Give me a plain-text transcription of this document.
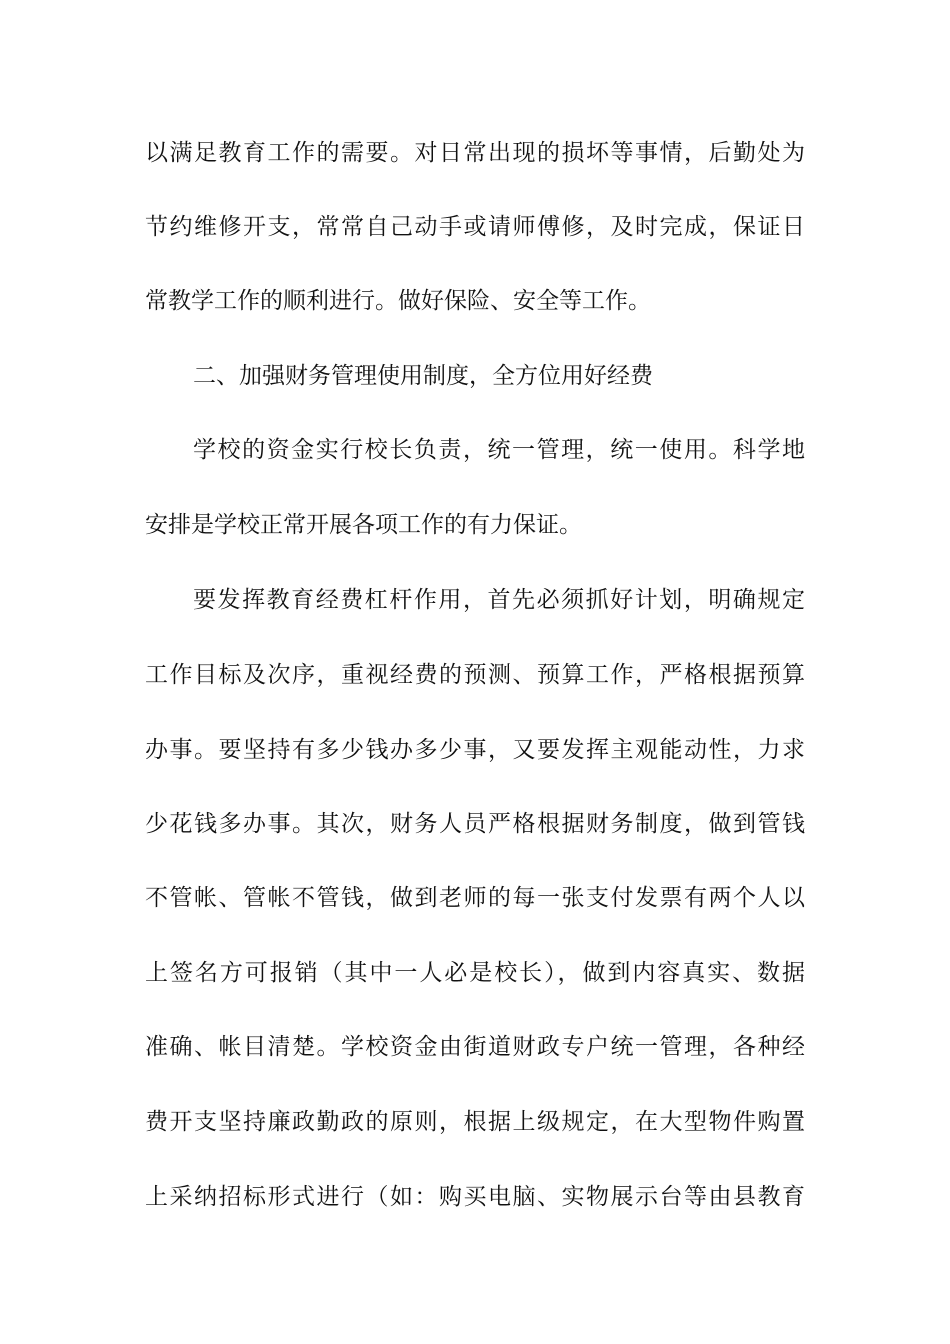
以满足教育工作的需要。对日常出现的损坏等事情，后勤处为
节约维修开支，常常自己动手或请师傅修，及时完成，保证日
常教学工作的顺利进行。做好保险、安全等工作。
二、加强财务管理使用制度，全方位用好经费
学校的资金实行校长负责，统一管理，统一使用。科学地
安排是学校正常开展各项工作的有力保证。
要发挥教育经费杠杆作用，首先必须抓好计划，明确规定
工作目标及次序，重视经费的预测、预算工作，严格根据预算
办事。要坚持有多少钱办多少事，又要发挥主观能动性，力求
少花钱多办事。其次，财务人员严格根据财务制度，做到管钱
不管帐、管帐不管钱，做到老师的每一张支付发票有两个人以
上签名方可报销（其中一人必是校长），做到内容真实、数据
准确、帐目清楚。学校资金由街道财政专户统一管理，各种经
费开支坚持廉政勤政的原则，根据上级规定，在大型物件购置
上采纳招标形式进行（如：购买电脑、实物展示台等由县教育
